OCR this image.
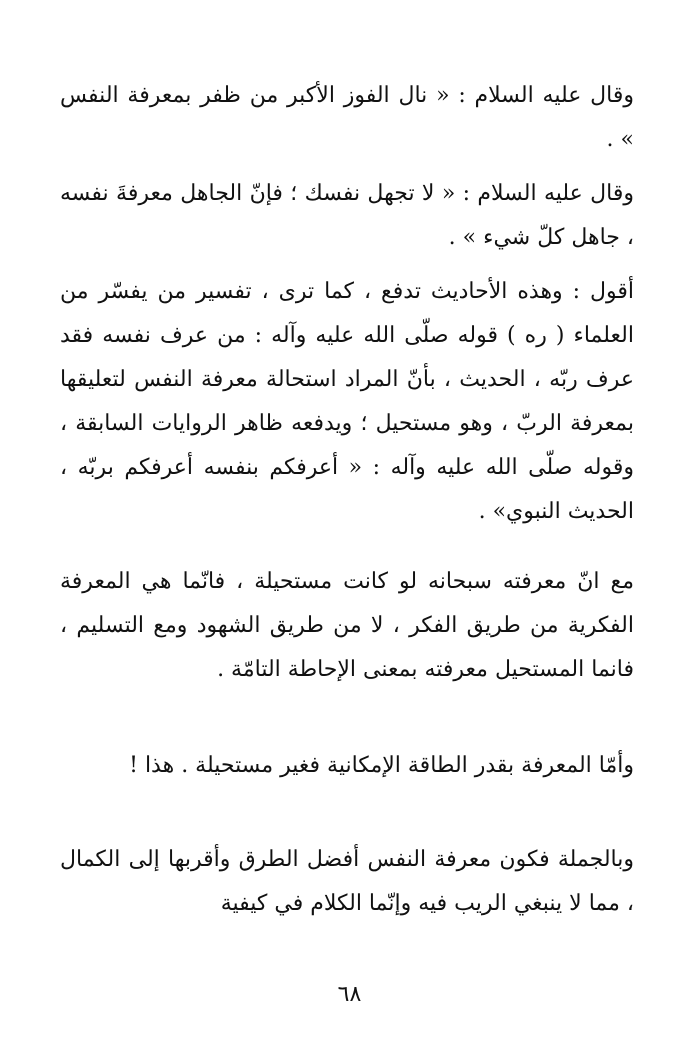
وقال عليه السلام : « نال الفوز الأكبر من ظفر بمعرفة النفس » .

وقال عليه السلام : « لا تجهل نفسك ؛ فإنّ الجاهل معرفةَ نفسه ، جاهل كلّ شيء » .

أقول : وهذه الأحاديث تدفع ، كما ترى ، تفسير من يفسّر من العلماء ( ره ) قوله صلّى الله عليه وآله : من عرف نفسه فقد عرف ربّه ، الحديث ، بأنّ المراد استحالة معرفة النفس لتعليقها بمعرفة الربّ ، وهو مستحيل ؛ ويدفعه ظاهر الروايات السابقة ، وقوله صلّى الله عليه وآله : « أعرفكم بنفسه أعرفكم بربّه ، الحديث النبوي» .

مع انّ معرفته سبحانه لو كانت مستحيلة ، فانّما هي المعرفة الفكرية من طريق الفكر ، لا من طريق الشهود ومع التسليم ، فانما المستحيل معرفته بمعنى الإحاطة التامّة .

وأمّا المعرفة بقدر الطاقة الإمكانية فغير مستحيلة . هذا !

وبالجملة فكون معرفة النفس أفضل الطرق وأقربها إلى الكمال ، مما لا ينبغي الريب فيه وإنّما الكلام في كيفية

٦٨
